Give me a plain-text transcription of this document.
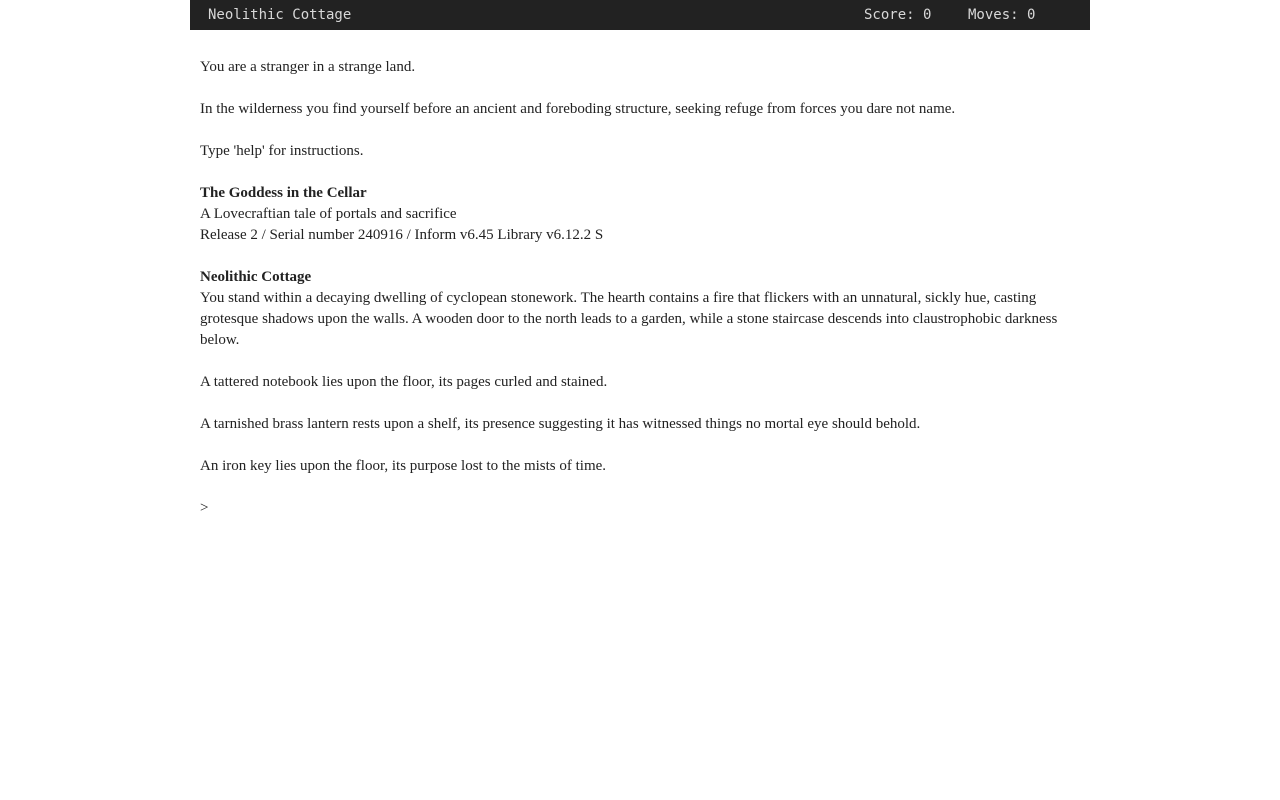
Neolithic Cottage	Score: 0	Moves: 0

You are a stranger in a strange land.

In the wilderness you find yourself before an ancient and foreboding structure, seeking refuge from forces you dare not name.

Type 'help' for instructions.

The Goddess in the Cellar
A Lovecraftian tale of portals and sacrifice
Release 2 / Serial number 240916 / Inform v6.45 Library v6.12.2 S

Neolithic Cottage
You stand within a decaying dwelling of cyclopean stonework. The hearth contains a fire that flickers with an unnatural, sickly hue, casting grotesque shadows upon the walls. A wooden door to the north leads to a garden, while a stone staircase descends into claustrophobic darkness below.

A tattered notebook lies upon the floor, its pages curled and stained.

A tarnished brass lantern rests upon a shelf, its presence suggesting it has witnessed things no mortal eye should behold.

An iron key lies upon the floor, its purpose lost to the mists of time.

>
